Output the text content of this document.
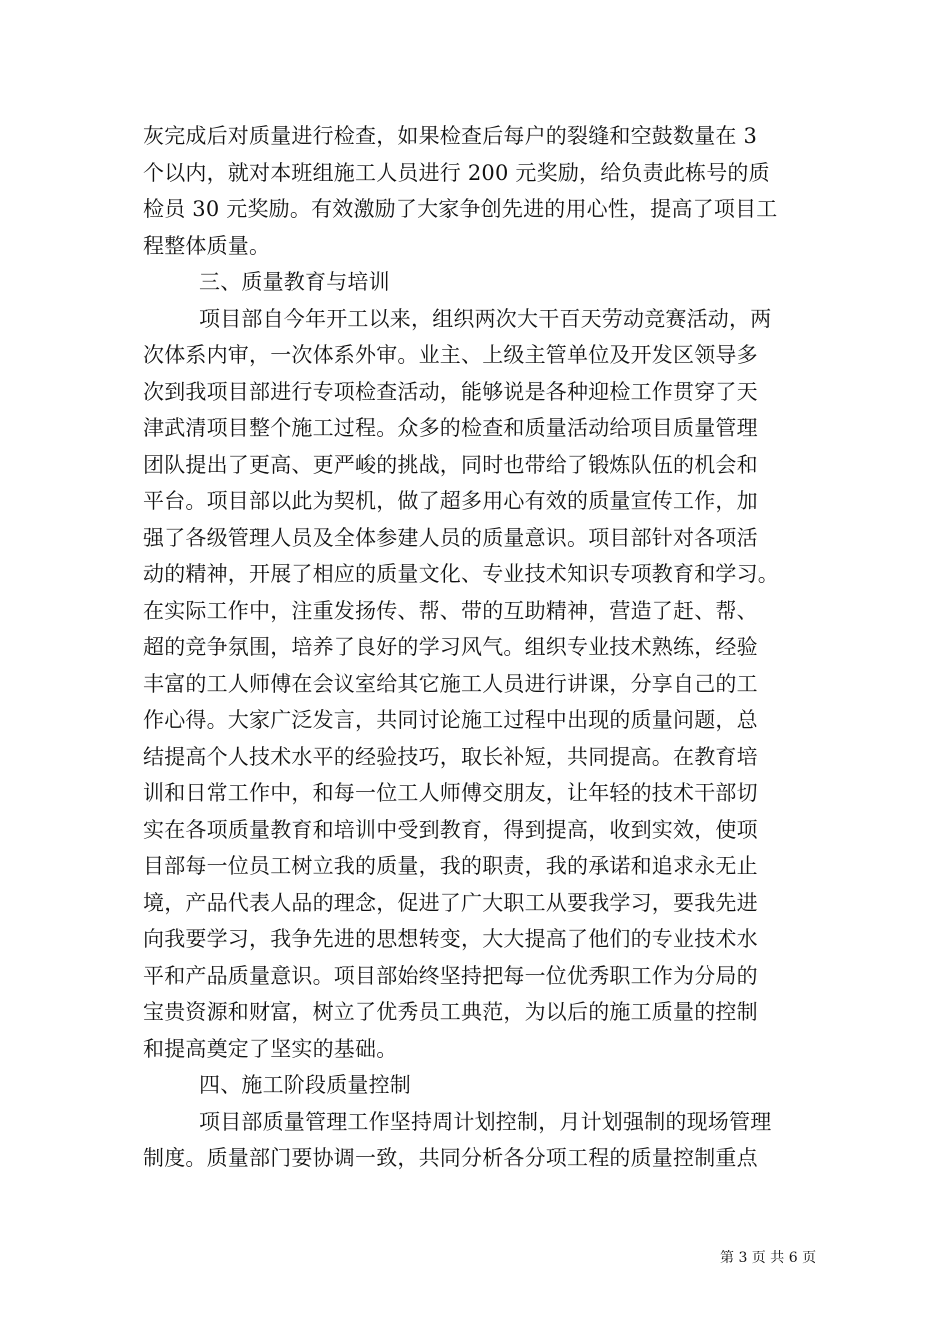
灰完成后对质量进行检查，如果检查后每户的裂缝和空鼓数量在 3
个以内，就对本班组施工人员进行 200 元奖励，给负责此栋号的质
检员 30 元奖励。有效激励了大家争创先进的用心性，提高了项目工
程整体质量。
三、质量教育与培训
项目部自今年开工以来，组织两次大干百天劳动竞赛活动，两
次体系内审，一次体系外审。业主、上级主管单位及开发区领导多
次到我项目部进行专项检查活动，能够说是各种迎检工作贯穿了天
津武清项目整个施工过程。众多的检查和质量活动给项目质量管理
团队提出了更高、更严峻的挑战，同时也带给了锻炼队伍的机会和
平台。项目部以此为契机，做了超多用心有效的质量宣传工作，加
强了各级管理人员及全体参建人员的质量意识。项目部针对各项活
动的精神，开展了相应的质量文化、专业技术知识专项教育和学习。
在实际工作中，注重发扬传、帮、带的互助精神，营造了赶、帮、
超的竞争氛围，培养了良好的学习风气。组织专业技术熟练，经验
丰富的工人师傅在会议室给其它施工人员进行讲课，分享自己的工
作心得。大家广泛发言，共同讨论施工过程中出现的质量问题，总
结提高个人技术水平的经验技巧，取长补短，共同提高。在教育培
训和日常工作中，和每一位工人师傅交朋友，让年轻的技术干部切
实在各项质量教育和培训中受到教育，得到提高，收到实效，使项
目部每一位员工树立我的质量，我的职责，我的承诺和追求永无止
境，产品代表人品的理念，促进了广大职工从要我学习，要我先进
向我要学习，我争先进的思想转变，大大提高了他们的专业技术水
平和产品质量意识。项目部始终坚持把每一位优秀职工作为分局的
宝贵资源和财富，树立了优秀员工典范，为以后的施工质量的控制
和提高奠定了坚实的基础。
四、施工阶段质量控制
项目部质量管理工作坚持周计划控制，月计划强制的现场管理
制度。质量部门要协调一致，共同分析各分项工程的质量控制重点
第 3 页 共 6 页
